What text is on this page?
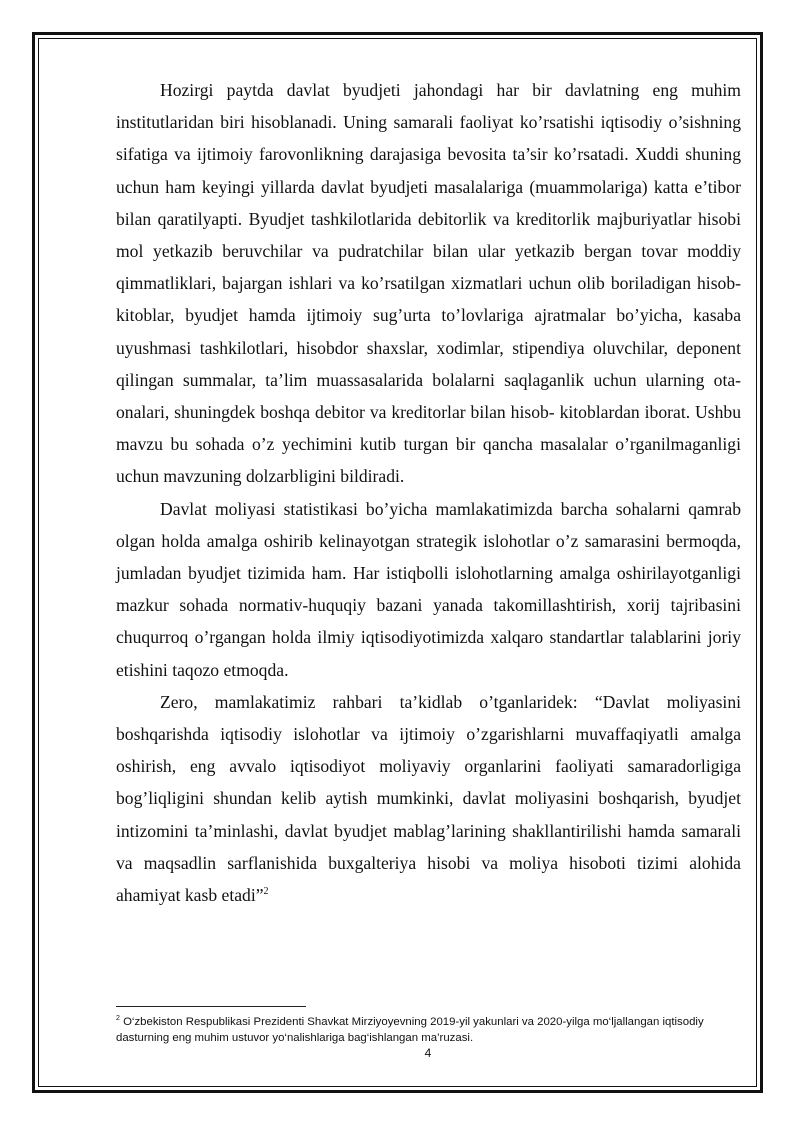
Hozirgi paytda davlat byudjeti jahondagi har bir davlatning eng muhim institutlaridan biri hisoblanadi. Uning samarali faoliyat ko’rsatishi iqtisodiy o’sishning sifatiga va ijtimoiy farovonlikning darajasiga bevosita ta’sir ko’rsatadi. Xuddi shuning uchun ham keyingi yillarda davlat byudjeti masalalariga (muammolariga) katta e’tibor bilan qaratilyapti. Byudjet tashkilotlarida debitorlik va kreditorlik majburiyatlar hisobi mol yetkazib beruvchilar va pudratchilar bilan ular yetkazib bergan tovar moddiy qimmatliklari, bajargan ishlari va ko’rsatilgan xizmatlari uchun olib boriladigan hisob-kitoblar, byudjet hamda ijtimoiy sug’urta to’lovlariga ajratmalar bo’yicha, kasaba uyushmasi tashkilotlari, hisobdor shaxslar, xodimlar, stipendiya oluvchilar, deponent qilingan summalar, ta’lim muassasalarida bolalarni saqlaganlik uchun ularning ota-onalari, shuningdek boshqa debitor va kreditorlar bilan hisob- kitoblardan iborat. Ushbu mavzu bu sohada o’z yechimini kutib turgan bir qancha masalalar o’rganilmaganligi uchun mavzuning dolzarbligini bildiradi.

Davlat moliyasi statistikasi bo’yicha mamlakatimizda barcha sohalarni qamrab olgan holda amalga oshirib kelinayotgan strategik islohotlar o’z samarasini bermoqda, jumladan byudjet tizimida ham. Har istiqbolli islohotlarning amalga oshirilayotganligi mazkur sohada normativ-huquqiy bazani yanada takomillashtirish, xorij tajribasini chuqurroq o’rgangan holda ilmiy iqtisodiyotimizda xalqaro standartlar talablarini joriy etishini taqozo etmoqda.

Zero, mamlakatimiz rahbari ta’kidlab o’tganlaridek: “Davlat moliyasini boshqarishda iqtisodiy islohotlar va ijtimoiy o’zgarishlarni muvaffaqiyatli amalga oshirish, eng avvalo iqtisodiyot moliyaviy organlarini faoliyati samaradorligiga bog’liqligini shundan kelib aytish mumkinki, davlat moliyasini boshqarish, byudjet intizomini ta’minlashi, davlat byudjet mablag’larining shakllantirilishi hamda samarali va maqsadlin sarflanishida buxgalteriya hisobi va moliya hisoboti tizimi alohida ahamiyat kasb etadi”$^2$

$^2$ O‘zbekiston Respublikasi Prezidenti Shavkat Mirziyoyevning 2019-yil yakunlari va 2020-yilga mo‘ljallangan iqtisodiy dasturning eng muhim ustuvor yo‘nalishlariga bag‘ishlangan ma’ruzasi.
4
